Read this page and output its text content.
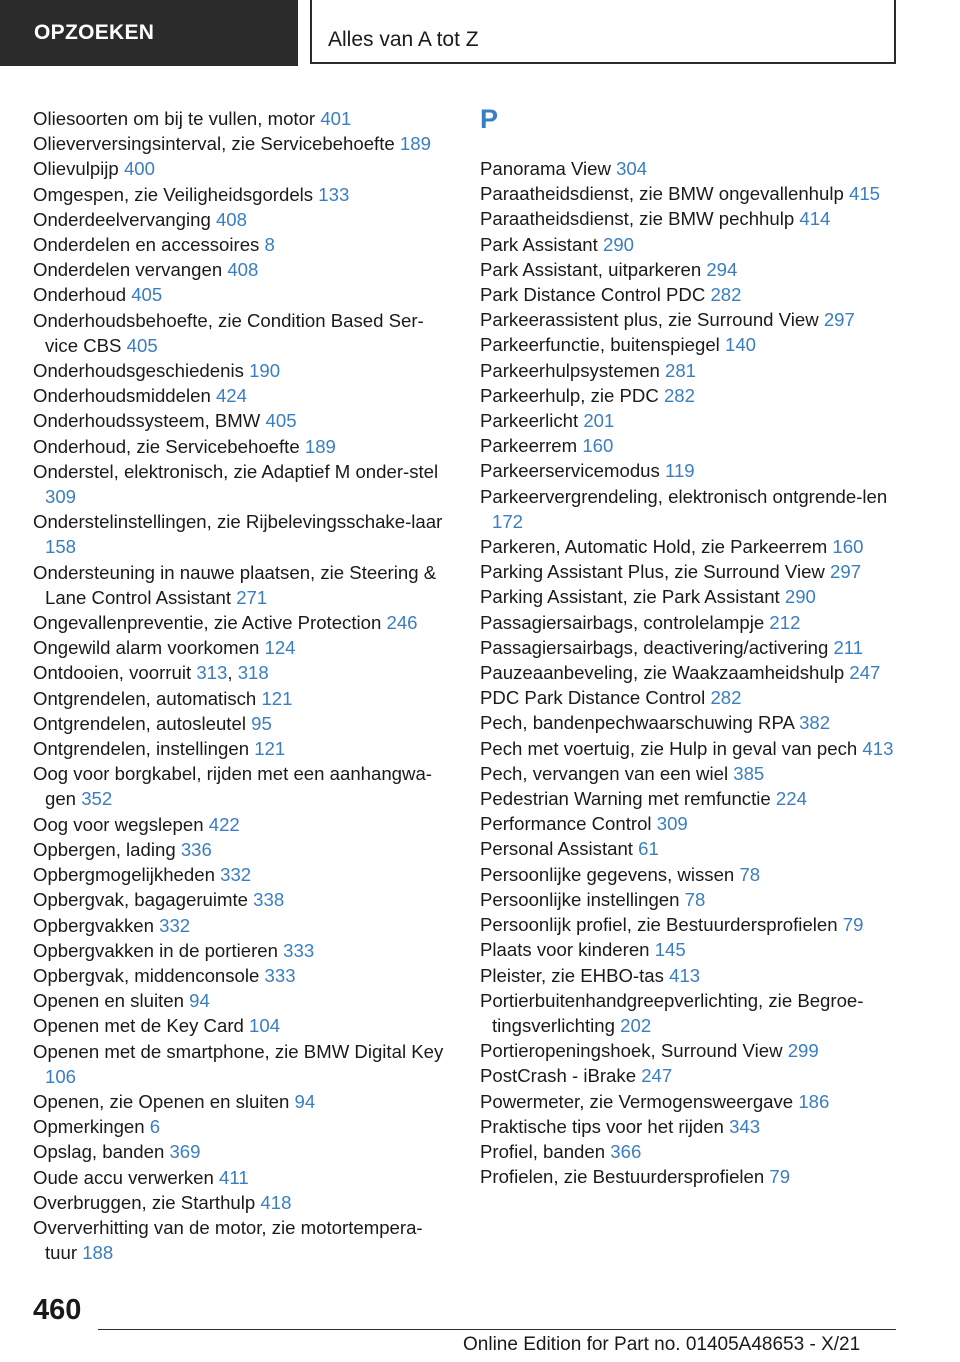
OPZOEKEN	Alles van A tot Z

Oliesoorten om bij te vullen, motor 401

Olieverversingsinterval, zie Servicebehoefte 189

Olievulpijp 400

Omgespen, zie Veiligheidsgordels 133

Onderdeelvervanging 408

Onderdelen en accessoires 8

Onderdelen vervangen 408

Onderhoud 405

Onderhoudsbehoefte, zie Condition Based Ser‐vice CBS 405

Onderhoudsgeschiedenis 190

Onderhoudsmiddelen 424

Onderhoudssysteem, BMW 405

Onderhoud, zie Servicebehoefte 189

Onderstel, elektronisch, zie Adaptief M onder‐stel 309

Onderstelinstellingen, zie Rijbelevingsschake‐laar 158

Ondersteuning in nauwe plaatsen, zie Steering & Lane Control Assistant 271

Ongevallenpreventie, zie Active Protection 246

Ongewild alarm voorkomen 124

Ontdooien, voorruit 313, 318

Ontgrendelen, automatisch 121

Ontgrendelen, autosleutel 95

Ontgrendelen, instellingen 121

Oog voor borgkabel, rijden met een aanhangwa‐gen 352

Oog voor wegslepen 422

Opbergen, lading 336

Opbergmogelijkheden 332

Opbergvak, bagageruimte 338

Opbergvakken 332

Opbergvakken in de portieren 333

Opbergvak, middenconsole 333

Openen en sluiten 94

Openen met de Key Card 104

Openen met de smartphone, zie BMW Digital Key 106

Openen, zie Openen en sluiten 94

Opmerkingen 6

Opslag, banden 369

Oude accu verwerken 411

Overbruggen, zie Starthulp 418

Oververhitting van de motor, zie motortempera‐tuur 188

P

Panorama View 304

Paraatheidsdienst, zie BMW ongevallenhulp 415

Paraatheidsdienst, zie BMW pechhulp 414

Park Assistant 290

Park Assistant, uitparkeren 294

Park Distance Control PDC 282

Parkeerassistent plus, zie Surround View 297

Parkeerfunctie, buitenspiegel 140

Parkeerhulpsystemen 281

Parkeerhulp, zie PDC 282

Parkeerlicht 201

Parkeerrem 160

Parkeerservicemodus 119

Parkeervergrendeling, elektronisch ontgrende‐len 172

Parkeren, Automatic Hold, zie Parkeerrem 160

Parking Assistant Plus, zie Surround View 297

Parking Assistant, zie Park Assistant 290

Passagiersairbags, controlelampje 212

Passagiersairbags, deactivering/activering 211

Pauzeaanbeveling, zie Waakzaamheidshulp 247

PDC Park Distance Control 282

Pech, bandenpechwaarschuwing RPA 382

Pech met voertuig, zie Hulp in geval van pech 413

Pech, vervangen van een wiel 385

Pedestrian Warning met remfunctie 224

Performance Control 309

Personal Assistant 61

Persoonlijke gegevens, wissen 78

Persoonlijke instellingen 78

Persoonlijk profiel, zie Bestuurdersprofielen 79

Plaats voor kinderen 145

Pleister, zie EHBO-tas 413

Portierbuitenhandgreepverlichting, zie Begroe‐tingsverlichting 202

Portieropeningshoek, Surround View 299

PostCrash - iBrake 247

Powermeter, zie Vermogensweergave 186

Praktische tips voor het rijden 343

Profiel, banden 366

Profielen, zie Bestuurdersprofielen 79

460
Online Edition for Part no. 01405A48653 - X/21
